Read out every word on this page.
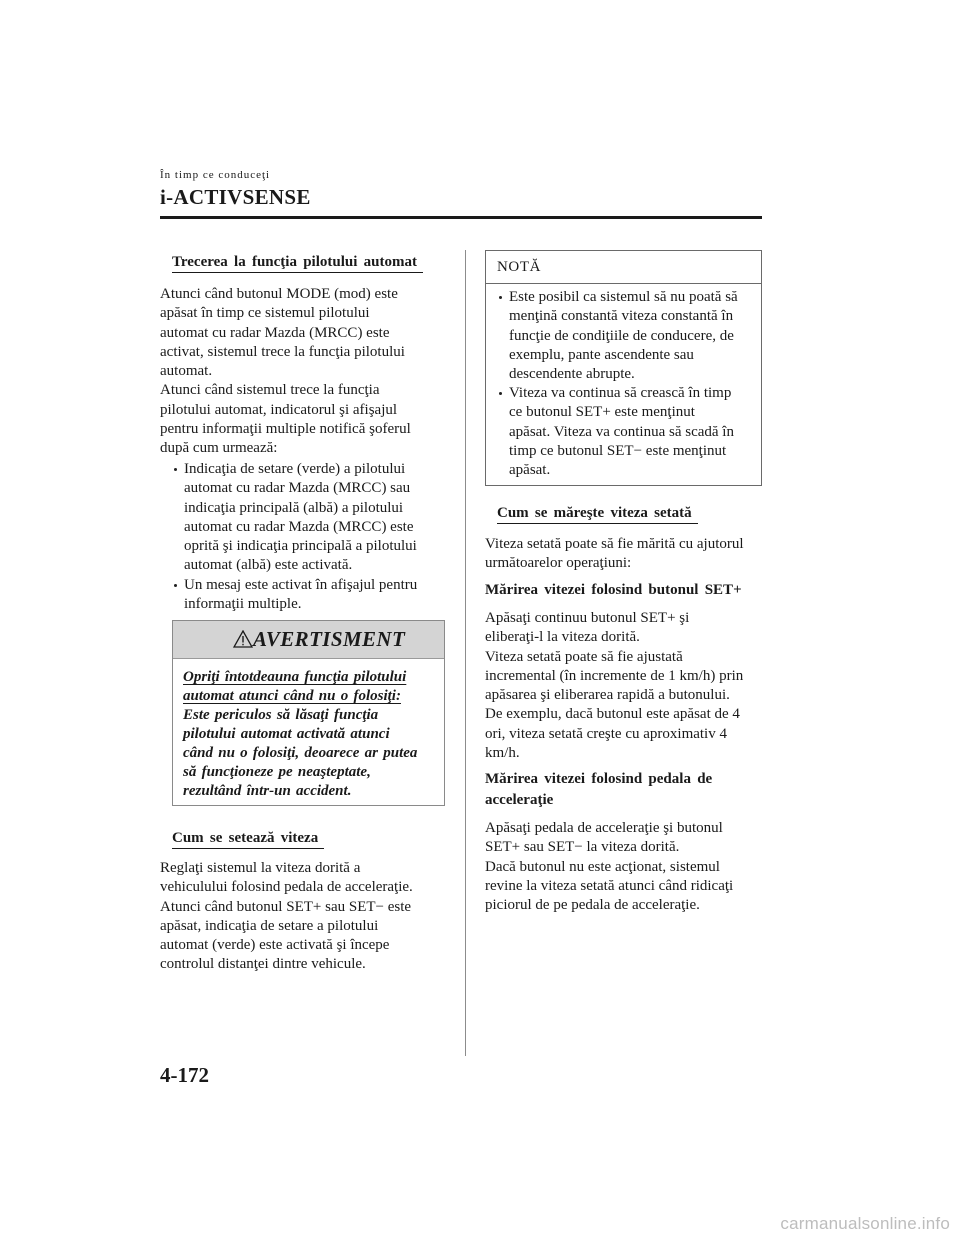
În timp ce conduceţi
i-ACTIVSENSE
Trecerea la funcţia pilotului automat
Atunci când butonul MODE (mod) este
apăsat în timp ce sistemul pilotului
automat cu radar Mazda (MRCC) este
activat, sistemul trece la funcţia pilotului
automat.
Atunci când sistemul trece la funcţia
pilotului automat, indicatorul şi afişajul
pentru informaţii multiple notifică şoferul
după cum urmează:
Indicaţia de setare (verde) a pilotului
automat cu radar Mazda (MRCC) sau
indicaţia principală (albă) a pilotului
automat cu radar Mazda (MRCC) este
oprită şi indicaţia principală a pilotului
automat (albă) este activată.
Un mesaj este activat în afişajul pentru
informaţii multiple.
AVERTISMENT
Opriţi întotdeauna funcţia pilotului
automat atunci când nu o folosiţi:
Este periculos să lăsaţi funcţia
pilotului automat activată atunci
când nu o folosiţi, deoarece ar putea
să funcţioneze pe neaşteptate,
rezultând într-un accident.
Cum se setează viteza
Reglaţi sistemul la viteza dorită a
vehiculului folosind pedala de acceleraţie.
Atunci când butonul SET+ sau SET− este
apăsat, indicaţia de setare a pilotului
automat (verde) este activată şi începe
controlul distanţei dintre vehicule.
NOTĂ
Este posibil ca sistemul să nu poată să
menţină constantă viteza constantă în
funcţie de condiţiile de conducere, de
exemplu, pante ascendente sau
descendente abrupte.
Viteza va continua să crească în timp
ce butonul SET+ este menţinut
apăsat. Viteza va continua să scadă în
timp ce butonul SET− este menţinut
apăsat.
Cum se măreşte viteza setată
Viteza setată poate să fie mărită cu ajutorul
următoarelor operaţiuni:
Mărirea vitezei folosind butonul SET+
Apăsaţi continuu butonul SET+ şi
eliberaţi-l la viteza dorită.
Viteza setată poate să fie ajustată
incremental (în incremente de 1 km/h) prin
apăsarea şi eliberarea rapidă a butonului.
De exemplu, dacă butonul este apăsat de 4
ori, viteza setată creşte cu aproximativ 4
km/h.
Mărirea vitezei folosind pedala de
acceleraţie
Apăsaţi pedala de acceleraţie şi butonul
SET+ sau SET− la viteza dorită.
Dacă butonul nu este acţionat, sistemul
revine la viteza setată atunci când ridicaţi
piciorul de pe pedala de acceleraţie.
4-172
carmanualsonline.info
